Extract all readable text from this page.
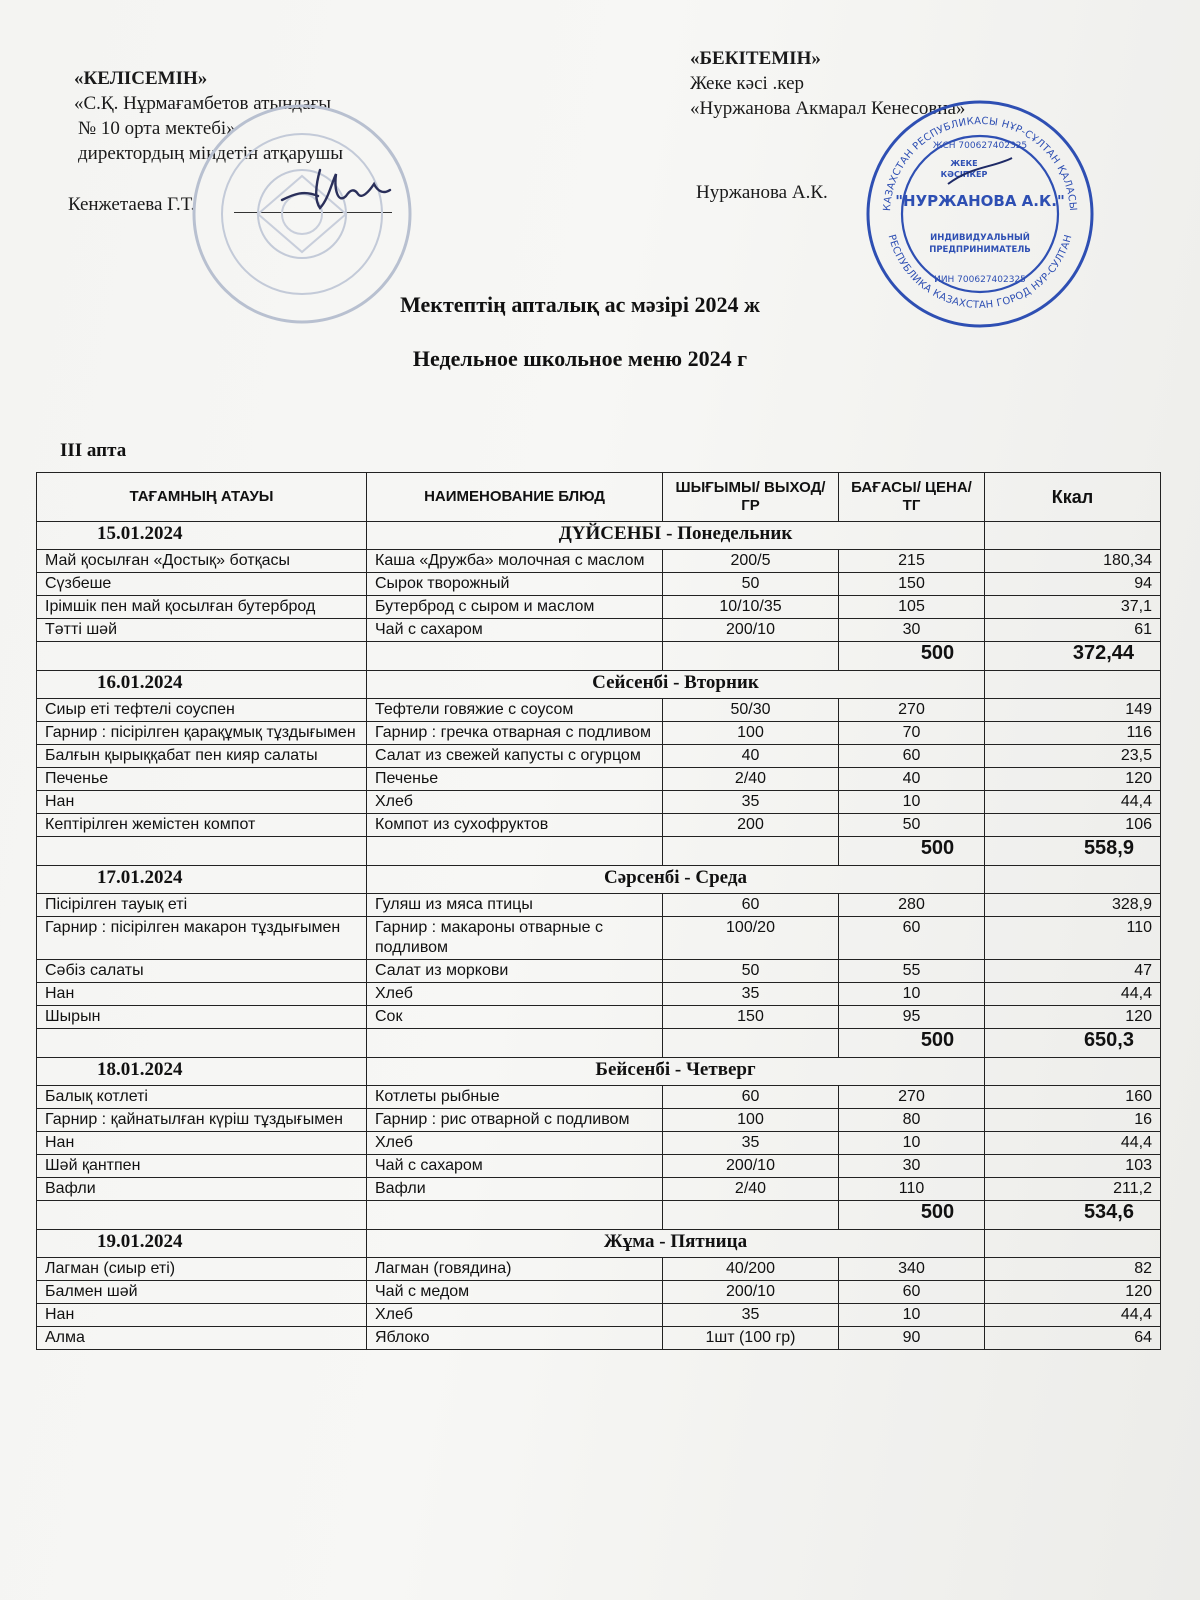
«КЕЛІСЕМІН»
«С.Қ. Нұрмағамбетов атындағы
№ 10 орта мектебі»
директордың міндетін атқарушы
Кенжетаева Г.Т.
«БЕКІТЕМІН»
Жеке кәсі .кер
«Нуржанова Акмарал Кенесовна»
Нуржанова А.К.
КАЗАХСТАН РЕСПУБЛИКАСЫ НҰР-СҰЛТАН ҚАЛАСЫ
РЕСПУБЛИКА КАЗАХСТАН ГОРОД НУР-СУЛТАН
ЖСН 700627402325
ЖЕКЕ
КӘСІПКЕР
"НУРЖАНОВА А.К."
ИНДИВИДУАЛЬНЫЙ
ПРЕДПРИНИМАТЕЛЬ
ИИН 700627402325
Мектептің апталық ас мәзірі 2024 ж
Недельное школьное меню 2024 г
ІІІ апта
ТАҒАМНЫҢ АТАУЫ	НАИМЕНОВАНИЕ БЛЮД	ШЫҒЫМЫ/ ВЫХОД/ГР	БАҒАСЫ/ ЦЕНА/ТГ	Ккал
15.01.2024	ДҮЙСЕНБІ - Понедельник			
Май қосылған «Достық» ботқасы	Каша «Дружба» молочная с маслом	200/5	215	180,34
Сүзбеше	Сырок творожный	50	150	94
Ірімшік пен май қосылған бутерброд	Бутерброд с сыром и маслом	10/10/35	105	37,1
Тәтті шәй	Чай с сахаром	200/10	30	61
			500	372,44
16.01.2024	Сейсенбі - Вторник			
Сиыр еті тефтелі соуспен	Тефтели говяжие с соусом	50/30	270	149
Гарнир : пісірілген қарақұмық тұздығымен	Гарнир : гречка отварная с подливом	100	70	116
Балғын қырыққабат пен кияр салаты	Салат из свежей капусты с огурцом	40	60	23,5
Печенье	Печенье	2/40	40	120
Нан	Хлеб	35	10	44,4
Кептірілген жемістен компот	Компот из сухофруктов	200	50	106
			500	558,9
17.01.2024	Сәрсенбі - Среда			
Пісірілген тауық еті	Гуляш из мяса птицы	60	280	328,9
Гарнир : пісірілген макарон тұздығымен	Гарнир : макароны отварные с подливом	100/20	60	110
Сәбіз салаты	Салат из моркови	50	55	47
Нан	Хлеб	35	10	44,4
Шырын	Сок	150	95	120
			500	650,3
18.01.2024	Бейсенбі - Четверг			
Балық котлеті	Котлеты рыбные	60	270	160
Гарнир : қайнатылған күріш тұздығымен	Гарнир : рис отварной с подливом	100	80	16
Нан	Хлеб	35	10	44,4
Шәй қантпен	Чай с сахаром	200/10	30	103
Вафли	Вафли	2/40	110	211,2
			500	534,6
19.01.2024	Жұма - Пятница			
Лагман (сиыр еті)	Лагман (говядина)	40/200	340	82
Балмен шәй	Чай с медом	200/10	60	120
Нан	Хлеб	35	10	44,4
Алма	Яблоко	1шт (100 гр)	90	64
